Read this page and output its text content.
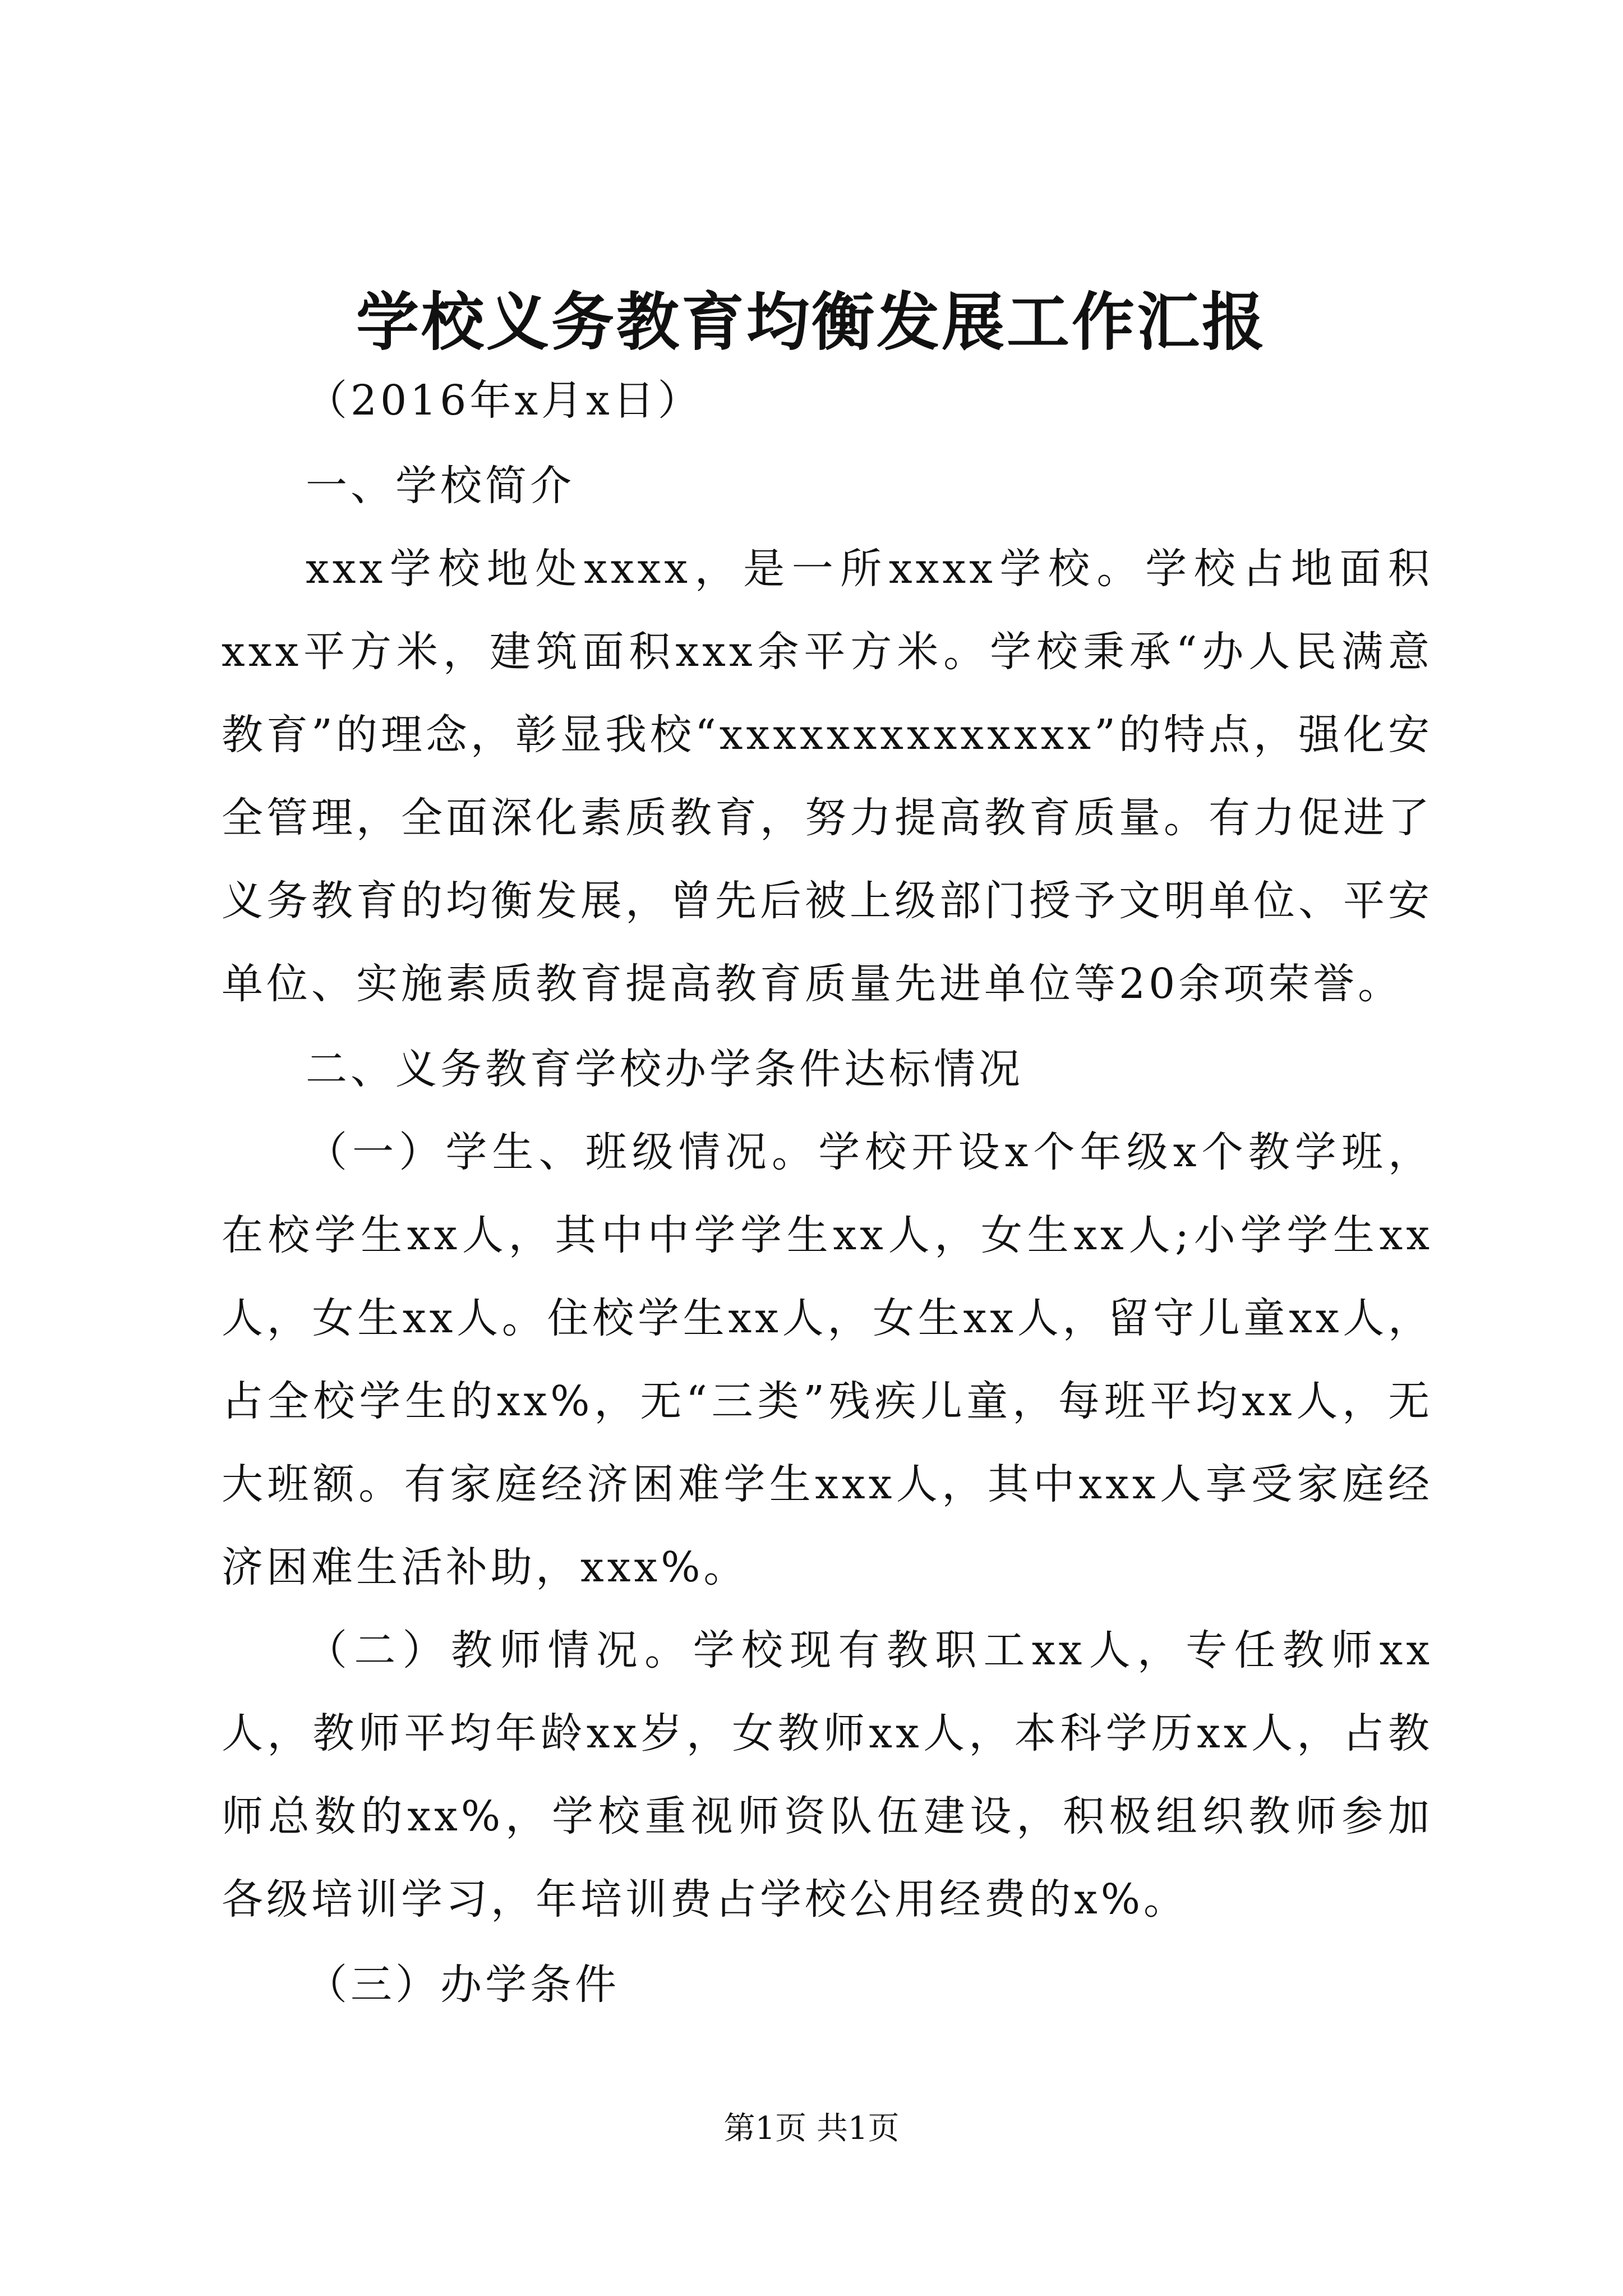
学校义务教育均衡发展工作汇报

（2016年x月x日）

一、学校简介

xxx学校地处xxxx，是一所xxxx学校。学校占地面积xxx平方米，建筑面积xxx余平方米。学校秉承“办人民满意教育”的理念，彰显我校“xxxxxxxxxxxxxx”的特点，强化安全管理，全面深化素质教育，努力提高教育质量。有力促进了义务教育的均衡发展，曾先后被上级部门授予文明单位、平安单位、实施素质教育提高教育质量先进单位等20余项荣誉。

二、义务教育学校办学条件达标情况

（一）学生、班级情况。学校开设x个年级x个教学班，在校学生xx人，其中中学学生xx人，女生xx人;小学学生xx人，女生xx人。住校学生xx人，女生xx人，留守儿童xx人，占全校学生的xx%，无“三类”残疾儿童，每班平均xx人，无大班额。有家庭经济困难学生xxx人，其中xxx人享受家庭经济困难生活补助，xxx%。

（二）教师情况。学校现有教职工xx人，专任教师xx人，教师平均年龄xx岁，女教师xx人，本科学历xx人，占教师总数的xx%，学校重视师资队伍建设，积极组织教师参加各级培训学习，年培训费占学校公用经费的x%。

（三）办学条件

第1页 共1页
